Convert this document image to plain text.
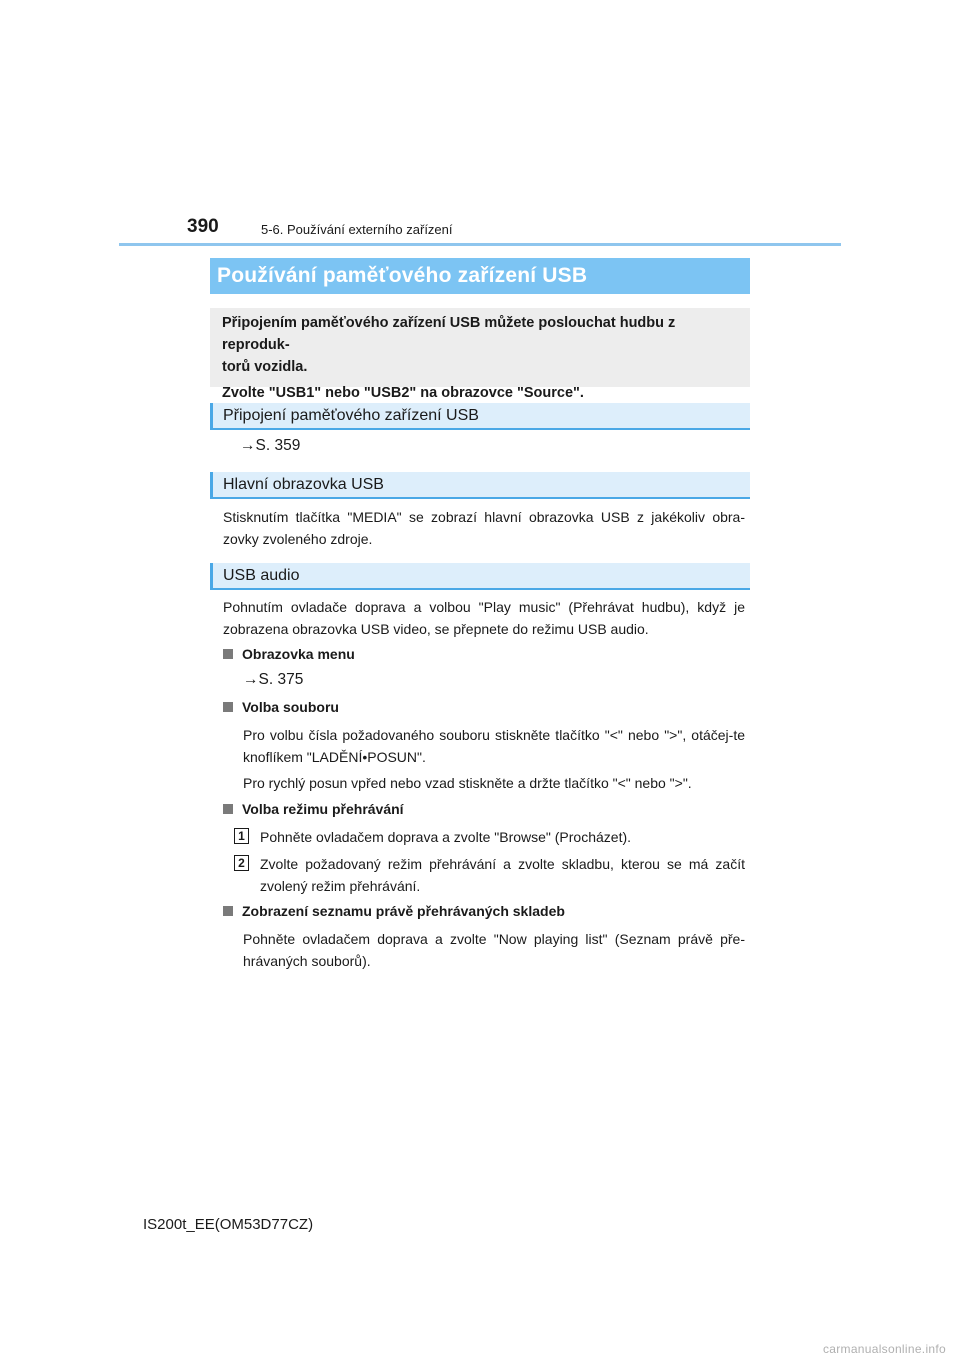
390	5-6. Používání externího zařízení
Používání paměťového zařízení USB

Připojením paměťového zařízení USB můžete poslouchat hudbu z reproduk-
torů vozidla.

Zvolte "USB1" nebo "USB2" na obrazovce "Source".

Připojení paměťového zařízení USB
→S. 359
Hlavní obrazovka USB
Stisknutím tlačítka "MEDIA" se zobrazí hlavní obrazovka USB z jakékoliv obra-zovky zvoleného zdroje.
USB audio
Pohnutím ovladače doprava a volbou "Play music" (Přehrávat hudbu), když je zobrazena obrazovka USB video, se přepnete do režimu USB audio.
Obrazovka menu
→S. 375
Volba souboru

Pro volbu čísla požadovaného souboru stiskněte tlačítko "<" nebo ">", otáčej-te knoflíkem "LADĚNÍ•POSUN".

Pro rychlý posun vpřed nebo vzad stiskněte a držte tlačítko "<" nebo ">".

Volba režimu přehrávání
1 Pohněte ovladačem doprava a zvolte "Browse" (Procházet).
2 Zvolte požadovaný režim přehrávání a zvolte skladbu, kterou se má začít zvolený režim přehrávání.
Zobrazení seznamu právě přehrávaných skladeb
Pohněte ovladačem doprava a zvolte "Now playing list" (Seznam právě pře-hrávaných souborů).
IS200t_EE(OM53D77CZ)
carmanualsonline.info
